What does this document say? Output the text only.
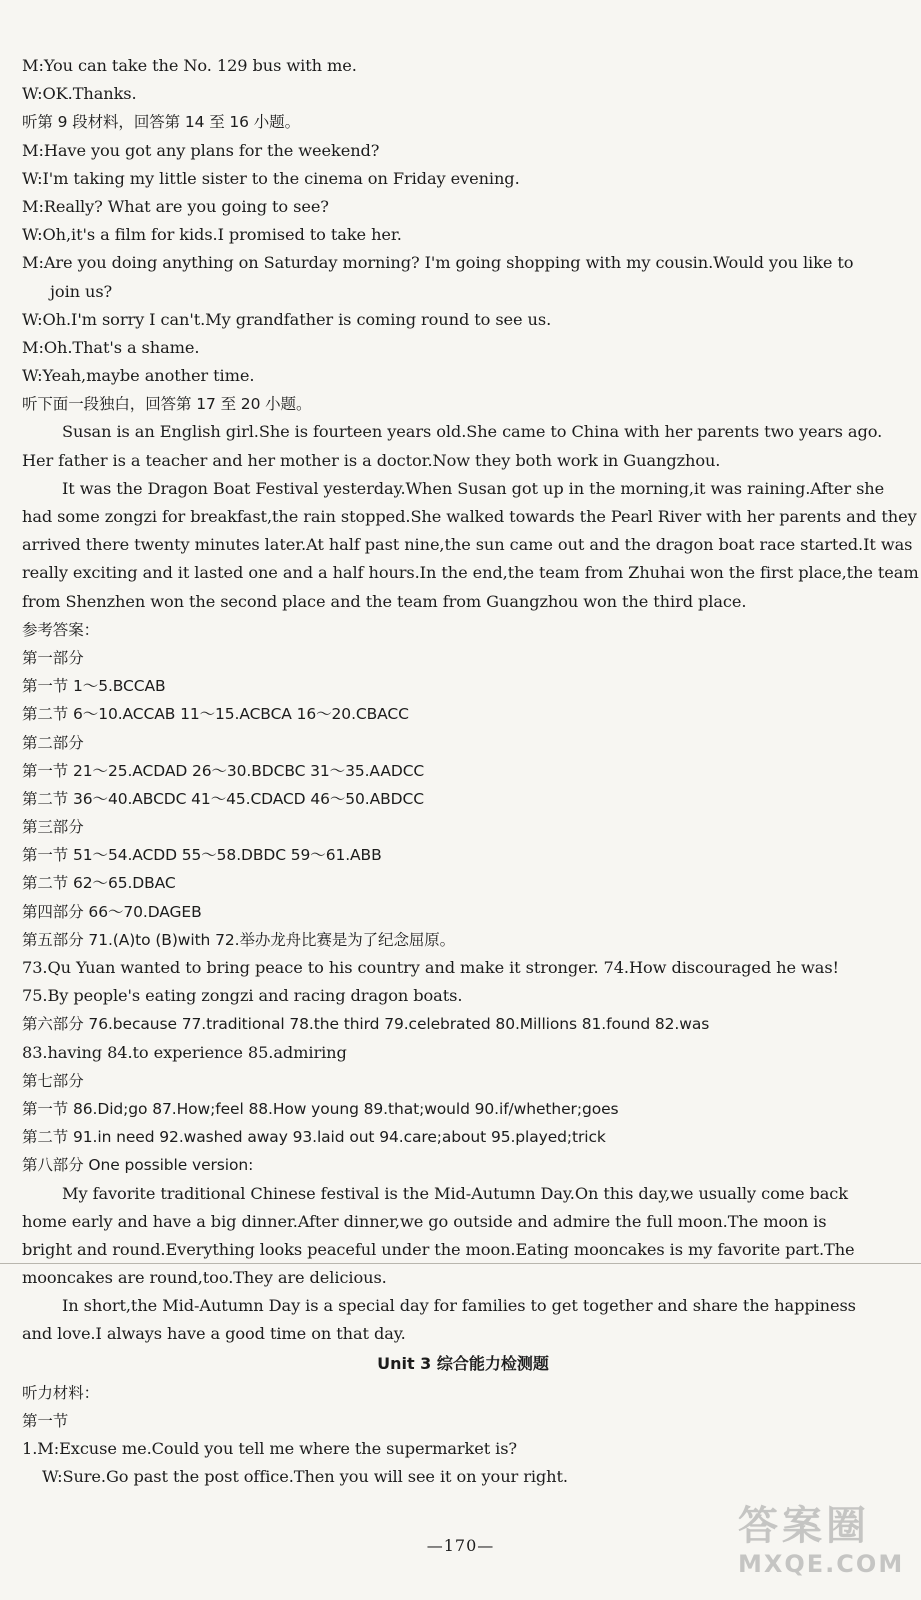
M:You can take the No. 129 bus with me.
W:OK.Thanks.
听第 9 段材料，回答第 14 至 16 小题。
M:Have you got any plans for the weekend?
W:I'm taking my little sister to the cinema on Friday evening.
M:Really? What are you going to see?
W:Oh,it's a film for kids.I promised to take her.
M:Are you doing anything on Saturday morning? I'm going shopping with my cousin.Would you like to
join us?
W:Oh.I'm sorry I can't.My grandfather is coming round to see us.
M:Oh.That's a shame.
W:Yeah,maybe another time.
听下面一段独白，回答第 17 至 20 小题。
Susan is an English girl.She is fourteen years old.She came to China with her parents two years ago.
Her father is a teacher and her mother is a doctor.Now they both work in Guangzhou.
It was the Dragon Boat Festival yesterday.When Susan got up in the morning,it was raining.After she
had some zongzi for breakfast,the rain stopped.She walked towards the Pearl River with her parents and they
arrived there twenty minutes later.At half past nine,the sun came out and the dragon boat race started.It was
really exciting and it lasted one and a half hours.In the end,the team from Zhuhai won the first place,the team
from Shenzhen won the second place and the team from Guangzhou won the third place.
参考答案：
第一部分
第一节 1～5.BCCAB
第二节 6～10.ACCAB 11～15.ACBCA 16～20.CBACC
第二部分
第一节 21～25.ACDAD 26～30.BDCBC 31～35.AADCC
第二节 36～40.ABCDC 41～45.CDACD 46～50.ABDCC
第三部分
第一节 51～54.ACDD 55～58.DBDC 59～61.ABB
第二节 62～65.DBAC
第四部分 66～70.DAGEB
第五部分 71.(A)to (B)with 72.举办龙舟比赛是为了纪念屈原。
73.Qu Yuan wanted to bring peace to his country and make it stronger. 74.How discouraged he was!
75.By people's eating zongzi and racing dragon boats.
第六部分 76.because 77.traditional 78.the third 79.celebrated 80.Millions 81.found 82.was
83.having 84.to experience 85.admiring
第七部分
第一节 86.Did;go 87.How;feel 88.How young 89.that;would 90.if/whether;goes
第二节 91.in need 92.washed away 93.laid out 94.care;about 95.played;trick
第八部分 One possible version:
My favorite traditional Chinese festival is the Mid-Autumn Day.On this day,we usually come back
home early and have a big dinner.After dinner,we go outside and admire the full moon.The moon is
bright and round.Everything looks peaceful under the moon.Eating mooncakes is my favorite part.The
mooncakes are round,too.They are delicious.
In short,the Mid-Autumn Day is a special day for families to get together and share the happiness
and love.I always have a good time on that day.
Unit 3 综合能力检测题
听力材料：
第一节
1.M:Excuse me.Could you tell me where the supermarket is?
W:Sure.Go past the post office.Then you will see it on your right.
—170—	答案圈
MXQE.COM
